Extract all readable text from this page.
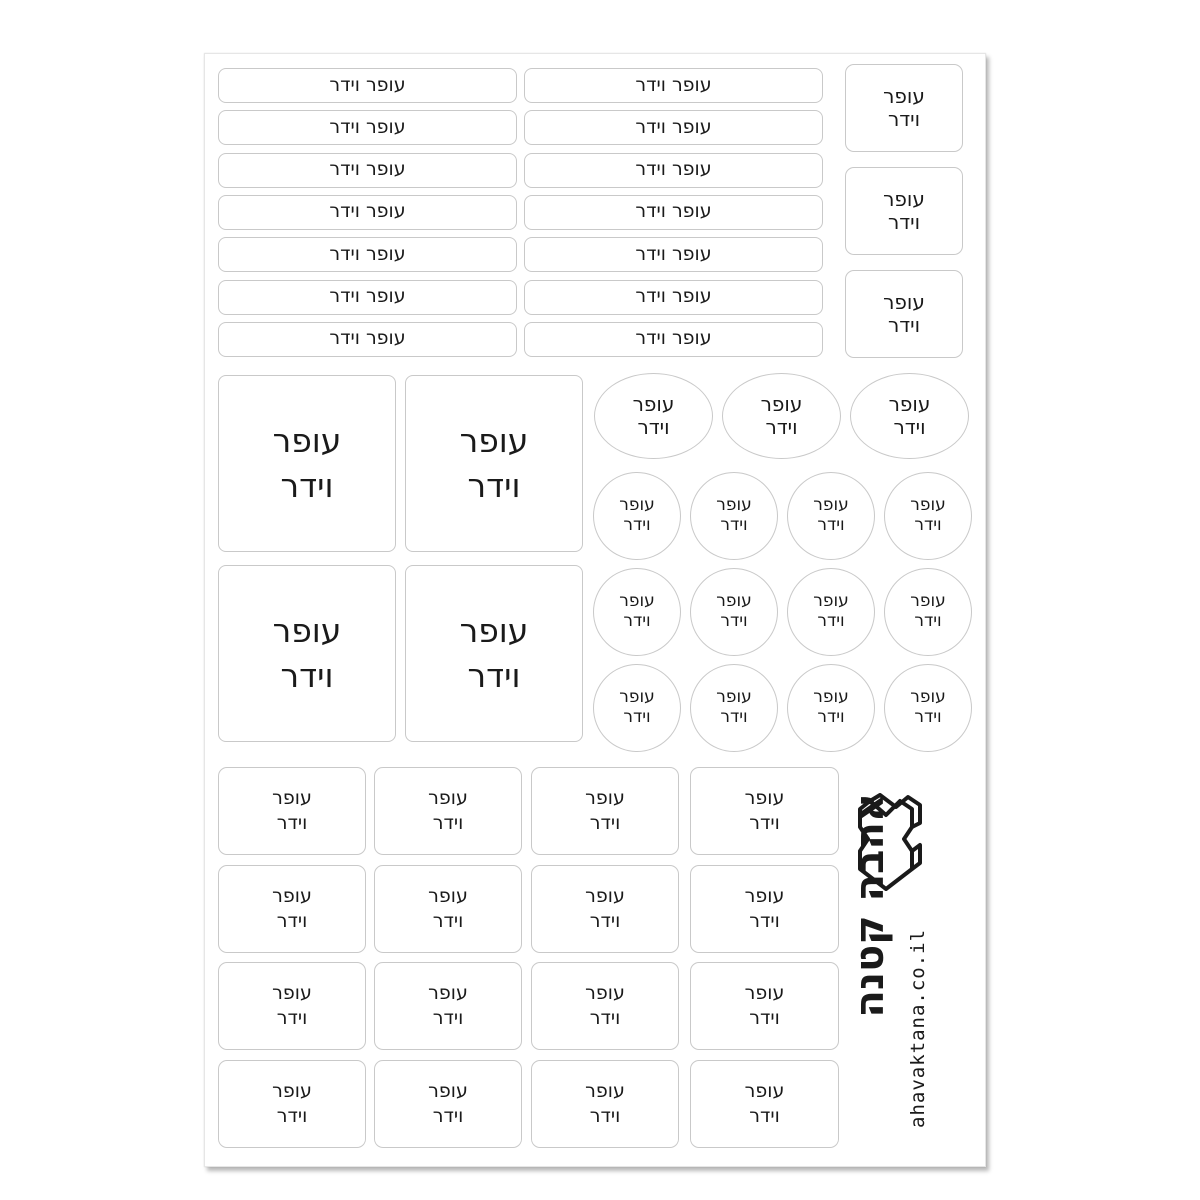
עופר
וידר
עופר
וידר
עופר
וידר
עופר
וידר
עופר
וידר
עופר
וידר
עופר
וידר
עופר
וידר
עופר
וידר
עופר
וידר
עופר
וידר
עופר
וידר
עופר
וידר
עופר
וידר
עופר
וידר
עופר
וידר
עופר
וידר
עופר
וידר
עופר
וידר
עופר
וידר
עופר
וידר
עופר
וידר
עופר
וידר
עופר
וידר
עופר
וידר
עופר
וידר
עופר
וידר
עופר
וידר
עופר
וידר
עופר
וידר
עופר
וידר
עופר
וידר
עופר
וידר
עופר
וידר
עופר
וידר
עופר
וידר
עופר
וידר
עופר
וידר
עופר
וידר
עופר
וידר
עופר
וידר
עופר
וידר
עופר
וידר
עופר
וידר
עופר
וידר
עופר
וידר
עופר
וידר
עופר
וידר
עופר
וידר
עופר
וידר
עופר
וידר
עופר
וידר
אהבה קטנה
ahavaktana.co.il
